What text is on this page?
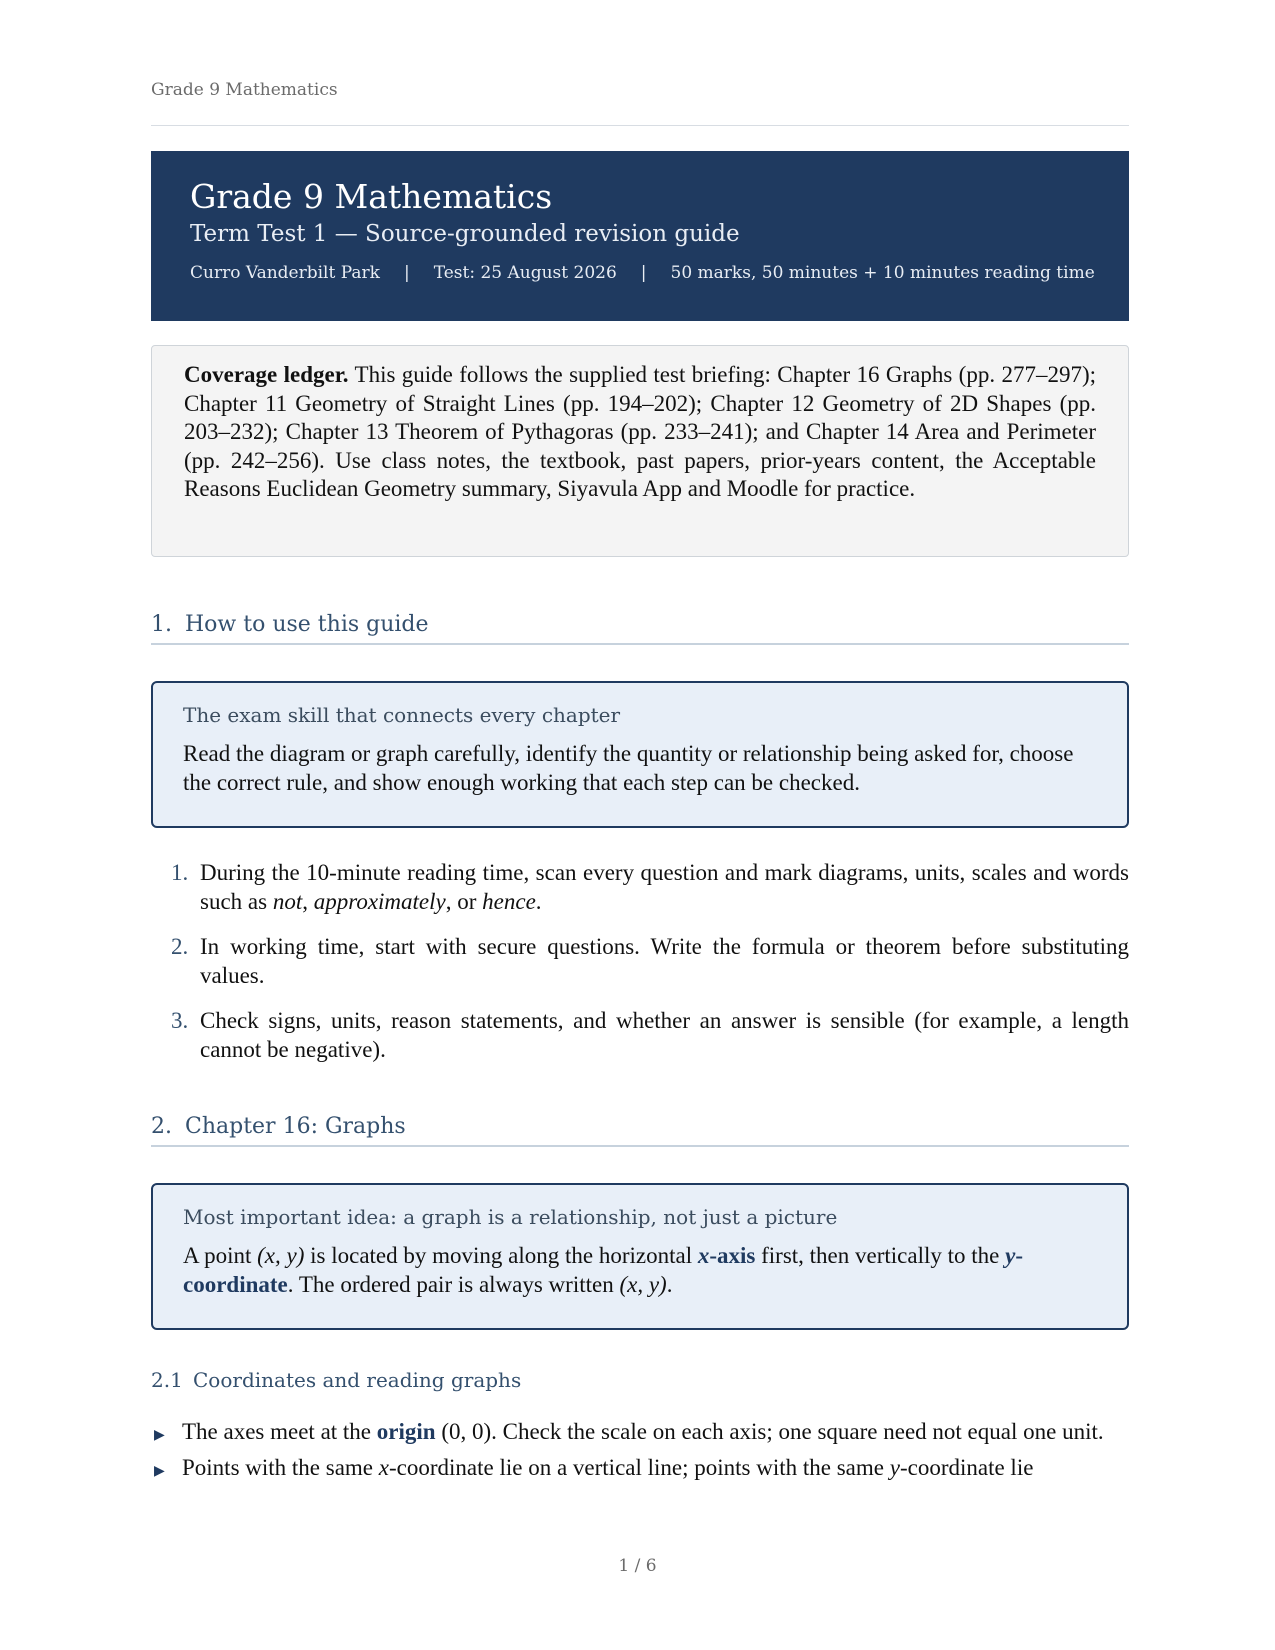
Grade 9 Mathematics
Grade 9 Mathematics
Term Test 1 — Source-grounded revision guide
Curro Vanderbilt Park | Test: 25 August 2026 | 50 marks, 50 minutes + 10 minutes reading time
Coverage ledger. This guide follows the supplied test briefing: Chapter 16 Graphs (pp. 277–297); Chapter 11 Geometry of Straight Lines (pp. 194–202); Chapter 12 Geometry of 2D Shapes (pp. 203–232); Chapter 13 Theorem of Pythagoras (pp. 233–241); and Chapter 14 Area and Perimeter (pp. 242–256). Use class notes, the textbook, past papers, prior-years content, the Acceptable Reasons Euclidean Geometry summary, Siyavula App and Moodle for practice.
1. How to use this guide
The exam skill that connects every chapter
Read the diagram or graph carefully, identify the quantity or relationship being asked for, choose the correct rule, and show enough working that each step can be checked.
1. During the 10-minute reading time, scan every question and mark diagrams, units, scales and words such as not, approximately, or hence.
2. In working time, start with secure questions. Write the formula or theorem before substituting values.
3. Check signs, units, reason statements, and whether an answer is sensible (for example, a length cannot be negative).
2. Chapter 16: Graphs
Most important idea: a graph is a relationship, not just a picture
A point (x, y) is located by moving along the horizontal x-axis first, then vertically to the y-coordinate. The ordered pair is always written (x, y).
2.1 Coordinates and reading graphs
▶ The axes meet at the origin (0, 0). Check the scale on each axis; one square need not equal one unit.
▶ Points with the same x-coordinate lie on a vertical line; points with the same y-coordinate lie
1 / 6
